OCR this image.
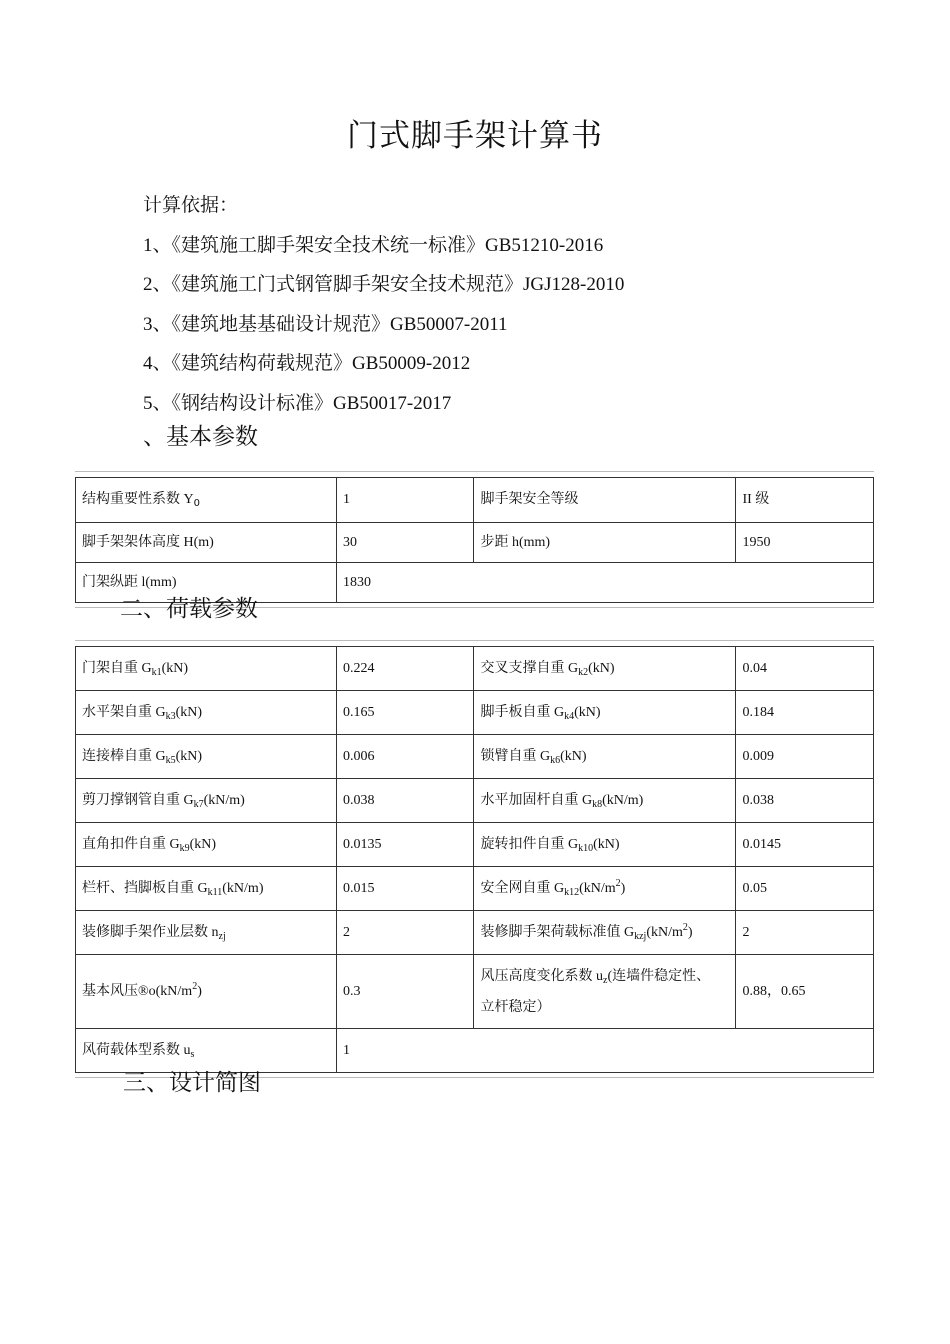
门式脚手架计算书
计算依据：
1、《建筑施工脚手架安全技术统一标准》GB51210-2016
2、《建筑施工门式钢管脚手架安全技术规范》JGJ128-2010
3、《建筑地基基础设计规范》GB50007-2011
4、《建筑结构荷载规范》GB50009-2012
5、《钢结构设计标准》GB50017-2017
、基本参数
结构重要性系数 $Y_0$	1	脚手架安全等级	II 级
脚手架架体高度 H(m)	30	步距 h(mm)	1950
门架纵距 l(mm)	1830		
二、荷载参数
门架自重 $G_{k1}(kN)$	0.224	交叉支撑自重 $G_{k2}(kN)$	0.04
水平架自重 $G_{k3}(kN)$	0.165	脚手板自重 $G_{k4}(kN)$	0.184
连接棒自重 $G_{k5}(kN)$	0.006	锁臂自重 $G_{k6}(kN)$	0.009
剪刀撑钢管自重 $G_{k7}(kN/m)$	0.038	水平加固杆自重 $G_{k8}(kN/m)$	0.038
直角扣件自重 $G_{k9}(kN)$	0.0135	旋转扣件自重 $G_{k10}(kN)$	0.0145
栏杆、挡脚板自重 $G_{k11}(kN/m)$	0.015	安全网自重 $G_{k12}(kN/m^2)$	0.05
装修脚手架作业层数 $n_{zj}$	2	装修脚手架荷载标准值 $G_{kzj}(kN/m^2)$	2
基本风压$®o(kN/m^2)$	0.3	风压高度变化系数 $u_z$(连墙件稳定性、
立杆稳定）	0.88，0.65
风荷载体型系数 $u_s$	1		
三、设计简图
